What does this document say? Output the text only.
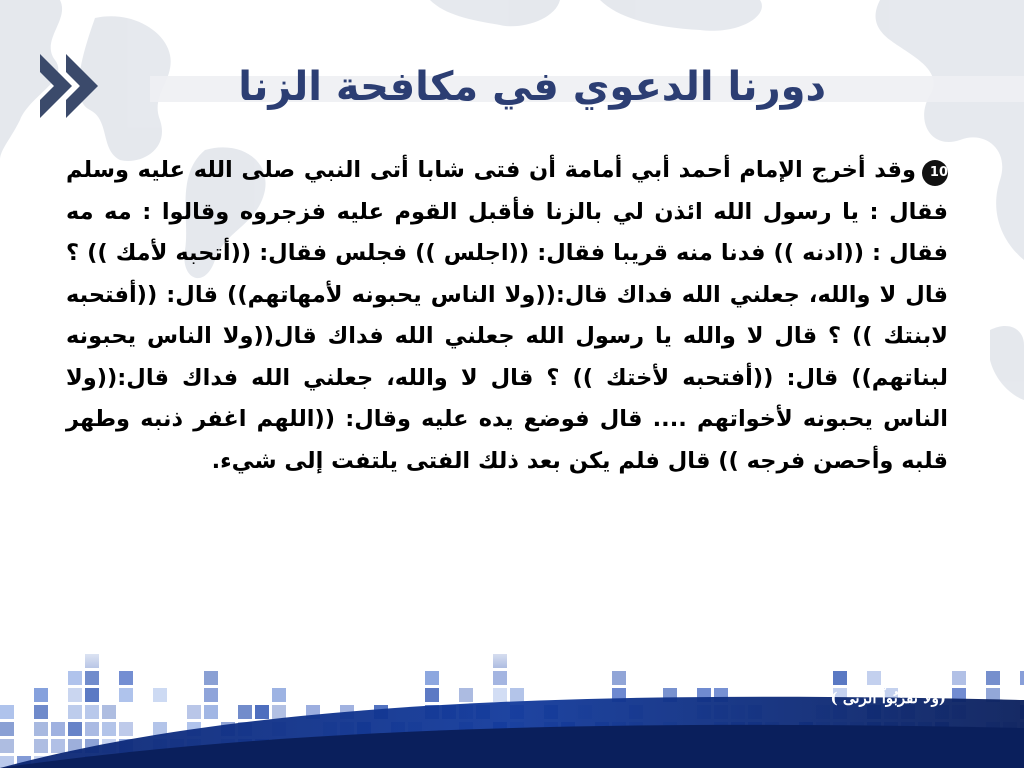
دورنا الدعوي في مكافحة الزنا
10وقد أخرج الإمام أحمد أبي أمامة أن فتى شابا أتى النبي صلى الله عليه وسلم فقال : يا رسول الله ائذن لي بالزنا فأقبل القوم عليه فزجروه وقالوا : مه مه فقال : ((ادنه )) فدنا منه قريبا فقال: ((اجلس )) فجلس فقال: ((أتحبه لأمك )) ؟ قال لا والله، جعلني الله فداك قال:((ولا الناس يحبونه لأمهاتهم)) قال: ((أفتحبه لابنتك )) ؟ قال لا والله يا رسول الله جعلني الله فداك قال((ولا الناس يحبونه لبناتهم)) قال: ((أفتحبه لأختك )) ؟ قال لا والله، جعلني الله فداك قال:((ولا الناس يحبونه لأخواتهم .... قال فوضع يده عليه وقال: ((اللهم اغفر ذنبه وطهر قلبه وأحصن فرجه )) قال فلم يكن بعد ذلك الفتى يلتفت إلى شيء.
(وَلاَ تَقْرَبُواْ الزِّنَى )
